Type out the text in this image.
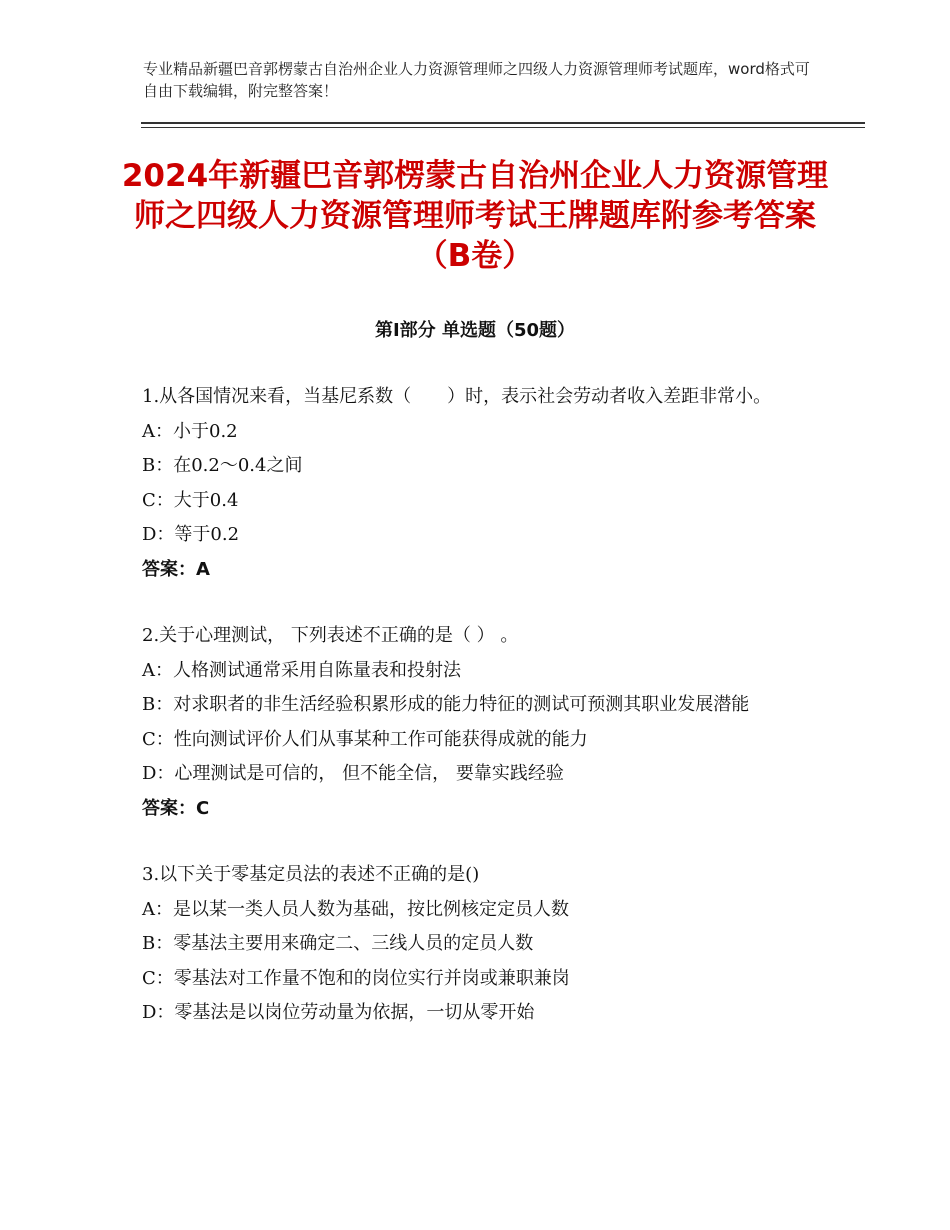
专业精品新疆巴音郭楞蒙古自治州企业人力资源管理师之四级人力资源管理师考试题库，word格式可自由下载编辑，附完整答案！
2024年新疆巴音郭楞蒙古自治州企业人力资源管理师之四级人力资源管理师考试王牌题库附参考答案（B卷）
第Ⅰ部分 单选题（50题）
1.从各国情况来看，当基尼系数（　　）时，表示社会劳动者收入差距非常小。
A：小于0.2
B：在0.2～0.4之间
C：大于0.4
D：等于0.2
答案：A
2.关于心理测试， 下列表述不正确的是（ ） 。
A：人格测试通常采用自陈量表和投射法
B：对求职者的非生活经验积累形成的能力特征的测试可预测其职业发展潜能
C：性向测试评价人们从事某种工作可能获得成就的能力
D：心理测试是可信的， 但不能全信， 要靠实践经验
答案：C
3.以下关于零基定员法的表述不正确的是()
A：是以某一类人员人数为基础，按比例核定定员人数
B：零基法主要用来确定二、三线人员的定员人数
C：零基法对工作量不饱和的岗位实行并岗或兼职兼岗
D：零基法是以岗位劳动量为依据，一切从零开始
